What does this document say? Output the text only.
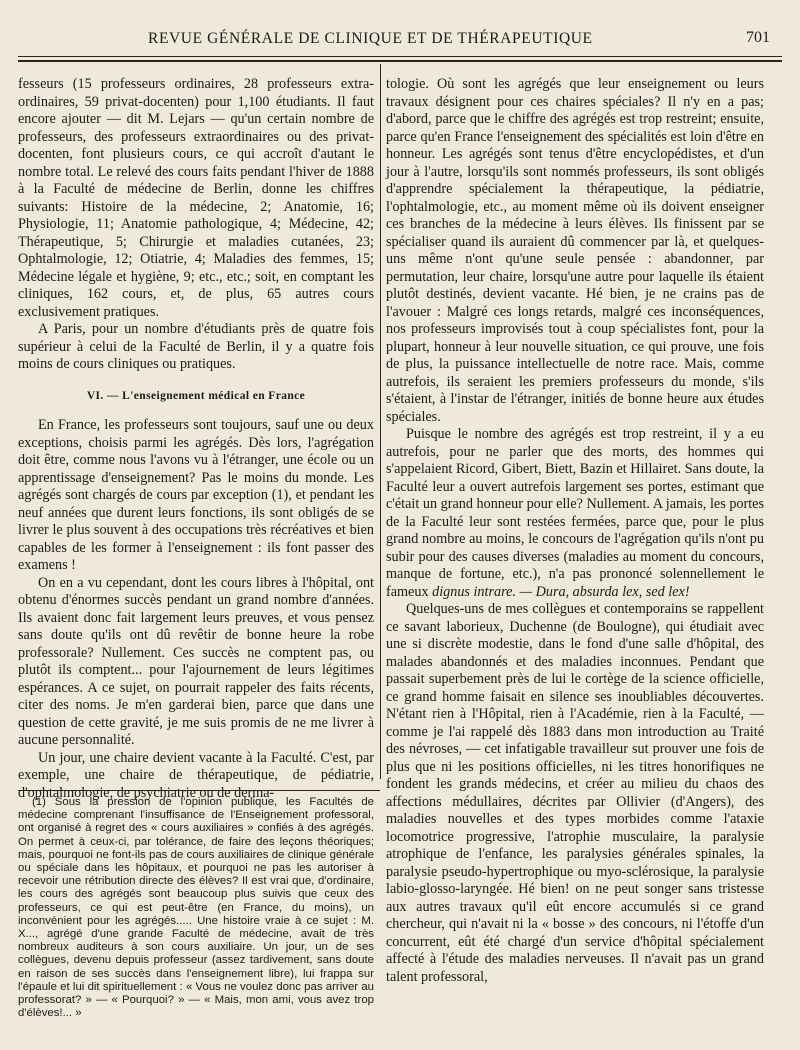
REVUE GÉNÉRALE DE CLINIQUE ET DE THÉRAPEUTIQUE	701

fesseurs (15 professeurs ordinaires, 28 professeurs extra-ordinaires, 59 privat-docenten) pour 1,100 étudiants. Il faut encore ajouter — dit M. Lejars — qu'un certain nombre de professeurs, des professeurs extraordinaires ou des privat-docenten, font plusieurs cours, ce qui accroît d'autant le nombre total. Le relevé des cours faits pendant l'hiver de 1888 à la Faculté de médecine de Berlin, donne les chiffres suivants: Histoire de la médecine, 2; Anatomie, 16; Physiologie, 11; Anatomie pathologique, 4; Médecine, 42; Thérapeutique, 5; Chirurgie et maladies cutanées, 23; Ophtalmologie, 12; Otiatrie, 4; Maladies des femmes, 15; Médecine légale et hygiène, 9; etc., etc.; soit, en comptant les cliniques, 162 cours, et, de plus, 65 autres cours exclusivement pratiques.

A Paris, pour un nombre d'étudiants près de quatre fois supérieur à celui de la Faculté de Berlin, il y a quatre fois moins de cours cliniques ou pratiques.

VI. — L'enseignement médical en France

En France, les professeurs sont toujours, sauf une ou deux exceptions, choisis parmi les agrégés. Dès lors, l'agrégation doit être, comme nous l'avons vu à l'étranger, une école ou un apprentissage d'enseignement? Pas le moins du monde. Les agrégés sont chargés de cours par exception (1), et pendant les neuf années que durent leurs fonctions, ils sont obligés de se livrer le plus souvent à des occupations très récréatives et bien capables de les former à l'enseignement : ils font passer des examens !

On en a vu cependant, dont les cours libres à l'hôpital, ont obtenu d'énormes succès pendant un grand nombre d'années. Ils avaient donc fait largement leurs preuves, et vous pensez sans doute qu'ils ont dû revêtir de bonne heure la robe professorale? Nullement. Ces succès ne comptent pas, ou plutôt ils comptent... pour l'ajournement de leurs légitimes espérances. A ce sujet, on pourrait rappeler des faits récents, citer des noms. Je m'en garderai bien, parce que dans une question de cette gravité, je me suis promis de ne me livrer à aucune personnalité.

Un jour, une chaire devient vacante à la Faculté. C'est, par exemple, une chaire de thérapeutique, de pédiatrie, d'ophtalmologie, de psychiatrie ou de derma-

tologie. Où sont les agrégés que leur enseignement ou leurs travaux désignent pour ces chaires spéciales? Il n'y en a pas; d'abord, parce que le chiffre des agrégés est trop restreint; ensuite, parce qu'en France l'enseignement des spécialités est loin d'être en honneur. Les agrégés sont tenus d'être encyclopédistes, et d'un jour à l'autre, lorsqu'ils sont nommés professeurs, ils sont obligés d'apprendre spécialement la thérapeutique, la pédiatrie, l'ophtalmologie, etc., au moment même où ils doivent enseigner ces branches de la médecine à leurs élèves. Ils finissent par se spécialiser quand ils auraient dû commencer par là, et quelques-uns même n'ont qu'une seule pensée : abandonner, par permutation, leur chaire, lorsqu'une autre pour laquelle ils étaient plutôt destinés, devient vacante. Hé bien, je ne crains pas de l'avouer : Malgré ces longs retards, malgré ces inconséquences, nos professeurs improvisés tout à coup spécialistes font, pour la plupart, honneur à leur nouvelle situation, ce qui prouve, une fois de plus, la puissance intellectuelle de notre race. Mais, comme autrefois, ils seraient les premiers professeurs du monde, s'ils s'étaient, à l'instar de l'étranger, initiés de bonne heure aux études spéciales.

Puisque le nombre des agrégés est trop restreint, il y a eu autrefois, pour ne parler que des morts, des hommes qui s'appelaient Ricord, Gibert, Biett, Bazin et Hillairet. Sans doute, la Faculté leur a ouvert autrefois largement ses portes, estimant que c'était un grand honneur pour elle? Nullement. A jamais, les portes de la Faculté leur sont restées fermées, parce que, pour le plus grand nombre au moins, le concours de l'agrégation qu'ils n'ont pu subir pour des causes diverses (maladies au moment du concours, manque de fortune, etc.), n'a pas prononcé solennellement le fameux dignus intrare. — Dura, absurda lex, sed lex!

Quelques-uns de mes collègues et contemporains se rappellent ce savant laborieux, Duchenne (de Boulogne), qui étudiait avec une si discrète modestie, dans le fond d'une salle d'hôpital, des malades abandonnés et des maladies inconnues. Pendant que passait superbement près de lui le cortège de la science officielle, ce grand homme faisait en silence ses inoubliables découvertes. N'étant rien à l'Hôpital, rien à l'Académie, rien à la Faculté, — comme je l'ai rappelé dès 1883 dans mon introduction au Traité des névroses, — cet infatigable travailleur sut prouver une fois de plus que ni les positions officielles, ni les titres honorifiques ne fondent les grands médecins, et créer au milieu du chaos des affections médullaires, décrites par Ollivier (d'Angers), des maladies nouvelles et des types morbides comme l'ataxie locomotrice progressive, l'atrophie musculaire, la paralysie atrophique de l'enfance, les paralysies générales spinales, la paralysie pseudo-hypertrophique ou myo-sclérosique, la paralysie labio-glosso-laryngée. Hé bien! on ne peut songer sans tristesse aux autres travaux qu'il eût encore accumulés si ce grand chercheur, qui n'avait ni la « bosse » des concours, ni l'étoffe d'un concurrent, eût été chargé d'un service d'hôpital spécialement affecté à l'étude des maladies nerveuses. Il n'avait pas un grand talent professoral,

(1) Sous la pression de l'opinion publique, les Facultés de médecine comprenant l'insuffisance de l'Enseignement professoral, ont organisé à regret des « cours auxiliaires » confiés à des agrégés. On permet à ceux-ci, par tolérance, de faire des leçons théoriques; mais, pourquoi ne font-ils pas de cours auxiliaires de clinique générale ou spéciale dans les hôpitaux, et pourquoi ne pas les autoriser à recevoir une rétribution directe des élèves? Il est vrai que, d'ordinaire, les cours des agrégés sont beaucoup plus suivis que ceux des professeurs, ce qui est peut-être (en France, du moins), un inconvénient pour les agrégés..... Une histoire vraie à ce sujet : M. X..., agrégé d'une grande Faculté de médecine, avait de très nombreux auditeurs à son cours auxiliaire. Un jour, un de ses collègues, devenu depuis professeur (assez tardivement, sans doute en raison de ses succès dans l'enseignement libre), lui frappa sur l'épaule et lui dit spirituellement : « Vous ne voulez donc pas arriver au professorat? » — « Pourquoi? » — « Mais, mon ami, vous avez trop d'élèves!... »
